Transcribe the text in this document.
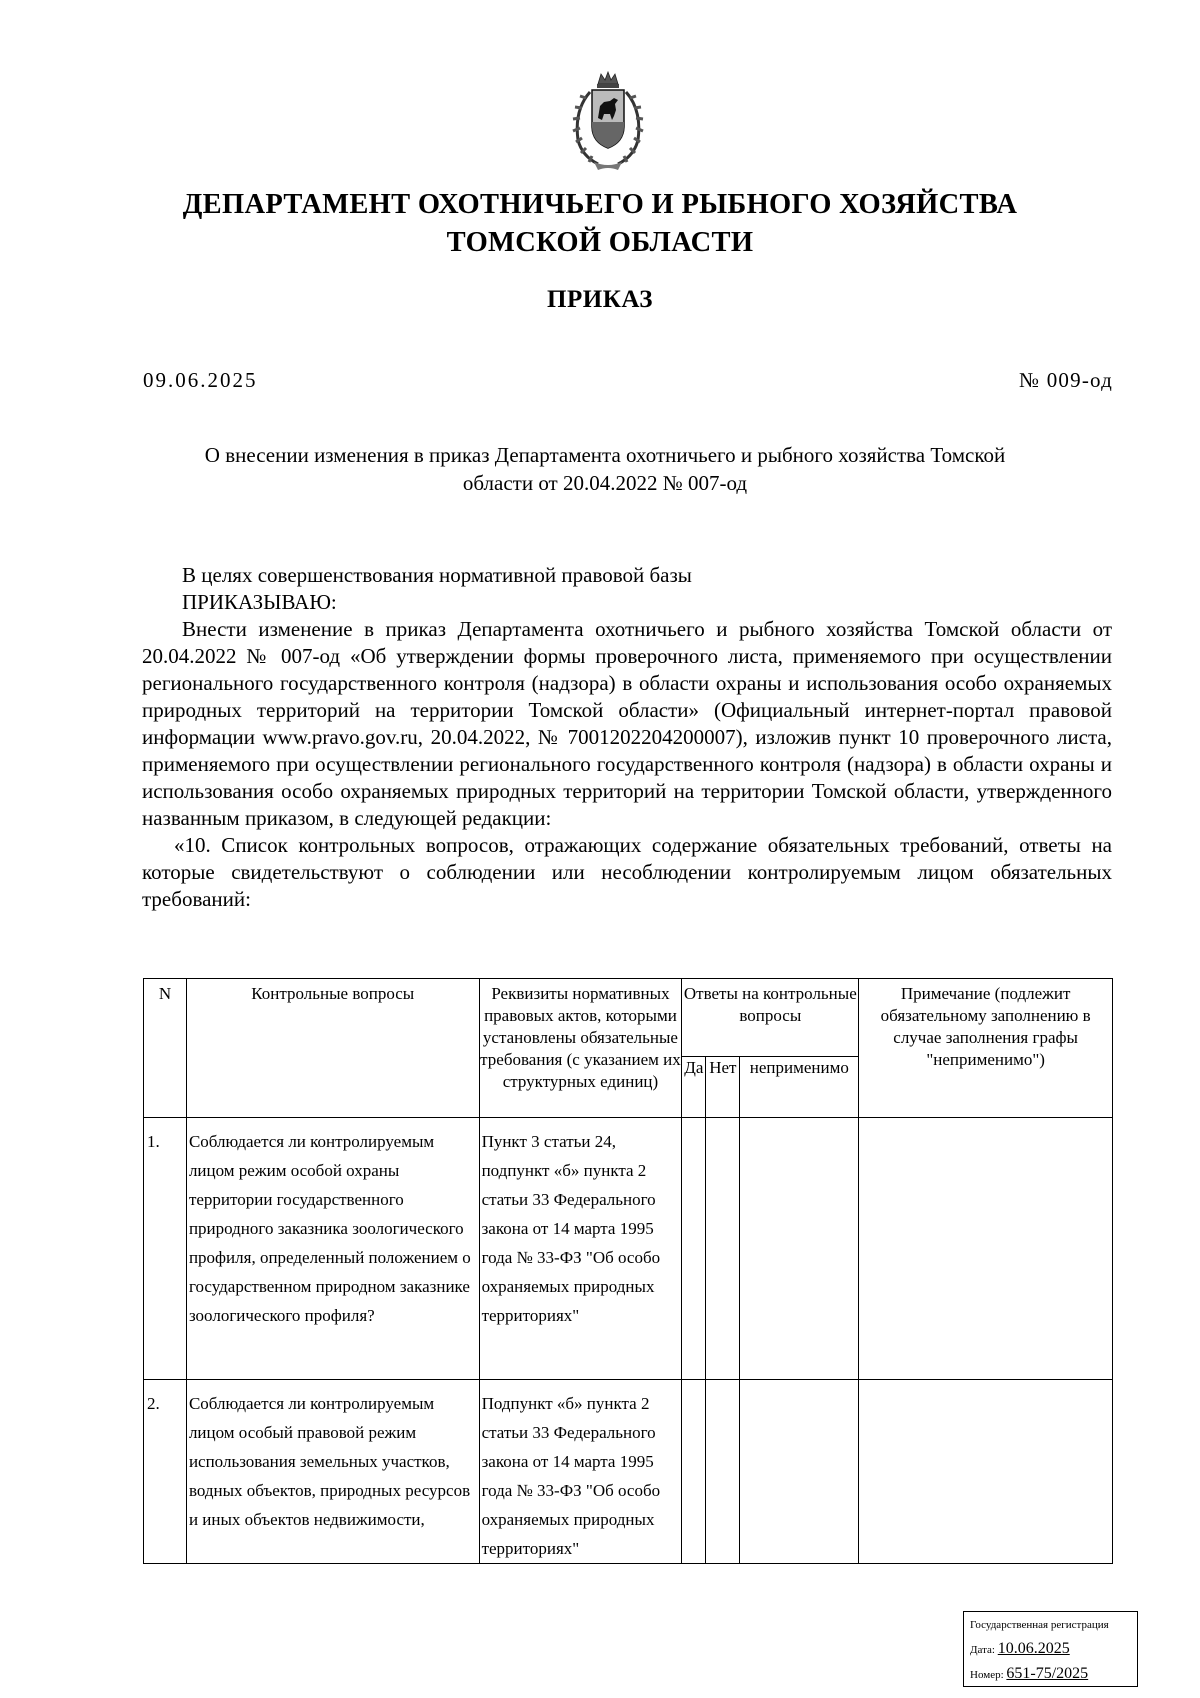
ДЕПАРТАМЕНТ ОХОТНИЧЬЕГО И РЫБНОГО ХОЗЯЙСТВА
ТОМСКОЙ ОБЛАСТИ
ПРИКАЗ
09.06.2025	№ 009-од
О внесении изменения в приказ Департамента охотничьего и рыбного хозяйства Томской
области от 20.04.2022 № 007-од

В целях совершенствования нормативной правовой базы

ПРИКАЗЫВАЮ:

Внести изменение в приказ Департамента охотничьего и рыбного хозяйства Томской области от 20.04.2022 № 007-од «Об утверждении формы проверочного листа, применяемого при осуществлении регионального государственного контроля (надзора) в области охраны и использования особо охраняемых природных территорий на территории Томской области» (Официальный интернет-портал правовой информации www.pravo.gov.ru, 20.04.2022, № 7001202204200007), изложив пункт 10 проверочного листа, применяемого при осуществлении регионального государственного контроля (надзора) в области охраны и использования особо охраняемых природных территорий на территории Томской области, утвержденного названным приказом, в следующей редакции:

«10. Список контрольных вопросов, отражающих содержание обязательных требований, ответы на которые свидетельствуют о соблюдении или несоблюдении контролируемым лицом обязательных требований:

N	Контрольные вопросы	Реквизиты нормативных правовых актов, которыми установлены обязательные требования (с указанием их структурных единиц)	Ответы на контрольные вопросы			Примечание (подлежит обязательному заполнению в случае заполнения графы "неприменимо")
			Да	Нет	неприменимо	
1.	Соблюдается ли контролируемым лицом режим особой охраны территории государственного природного заказника зоологического профиля, определенный положением о государственном природном заказнике зоологического профиля?	Пункт 3 статьи 24, подпункт «б» пункта 2 статьи 33 Федерального закона от 14 марта 1995 года № 33-ФЗ "Об особо охраняемых природных территориях"				
2.	Соблюдается ли контролируемым лицом особый правовой режим использования земельных участков, водных объектов, природных ресурсов и иных объектов недвижимости,	Подпункт «б» пункта 2 статьи 33 Федерального закона от 14 марта 1995 года № 33-ФЗ "Об особо охраняемых природных территориях"				
Государственная регистрация
Дата: 10.06.2025
Номер: 651-75/2025
